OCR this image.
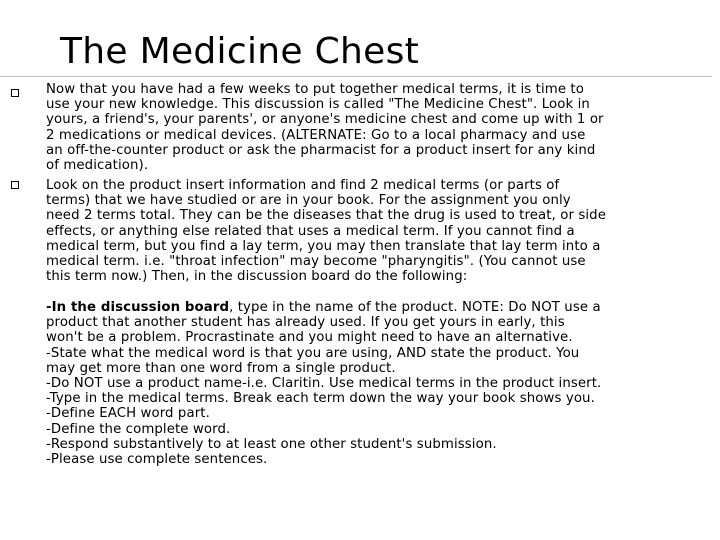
The Medicine Chest
Now that you have had a few weeks to put together medical terms, it is time to
use your new knowledge. This discussion is called "The Medicine Chest". Look in
yours, a friend's, your parents', or anyone's medicine chest and come up with 1 or
2 medications or medical devices. (ALTERNATE: Go to a local pharmacy and use
an off-the-counter product or ask the pharmacist for a product insert for any kind
of medication).
Look on the product insert information and find 2 medical terms (or parts of
terms) that we have studied or are in your book. For the assignment you only
need 2 terms total. They can be the diseases that the drug is used to treat, or side
effects, or anything else related that uses a medical term. If you cannot find a
medical term, but you find a lay term, you may then translate that lay term into a
medical term. i.e. "throat infection" may become "pharyngitis". (You cannot use
this term now.) Then, in the discussion board do the following:
-In the discussion board, type in the name of the product. NOTE: Do NOT use a
product that another student has already used. If you get yours in early, this
won't be a problem. Procrastinate and you might need to have an alternative.
-State what the medical word is that you are using, AND state the product. You
may get more than one word from a single product.
-Do NOT use a product name-i.e. Claritin. Use medical terms in the product insert.
-Type in the medical terms. Break each term down the way your book shows you.
-Define EACH word part.
-Define the complete word.
-Respond substantively to at least one other student's submission.
-Please use complete sentences.
